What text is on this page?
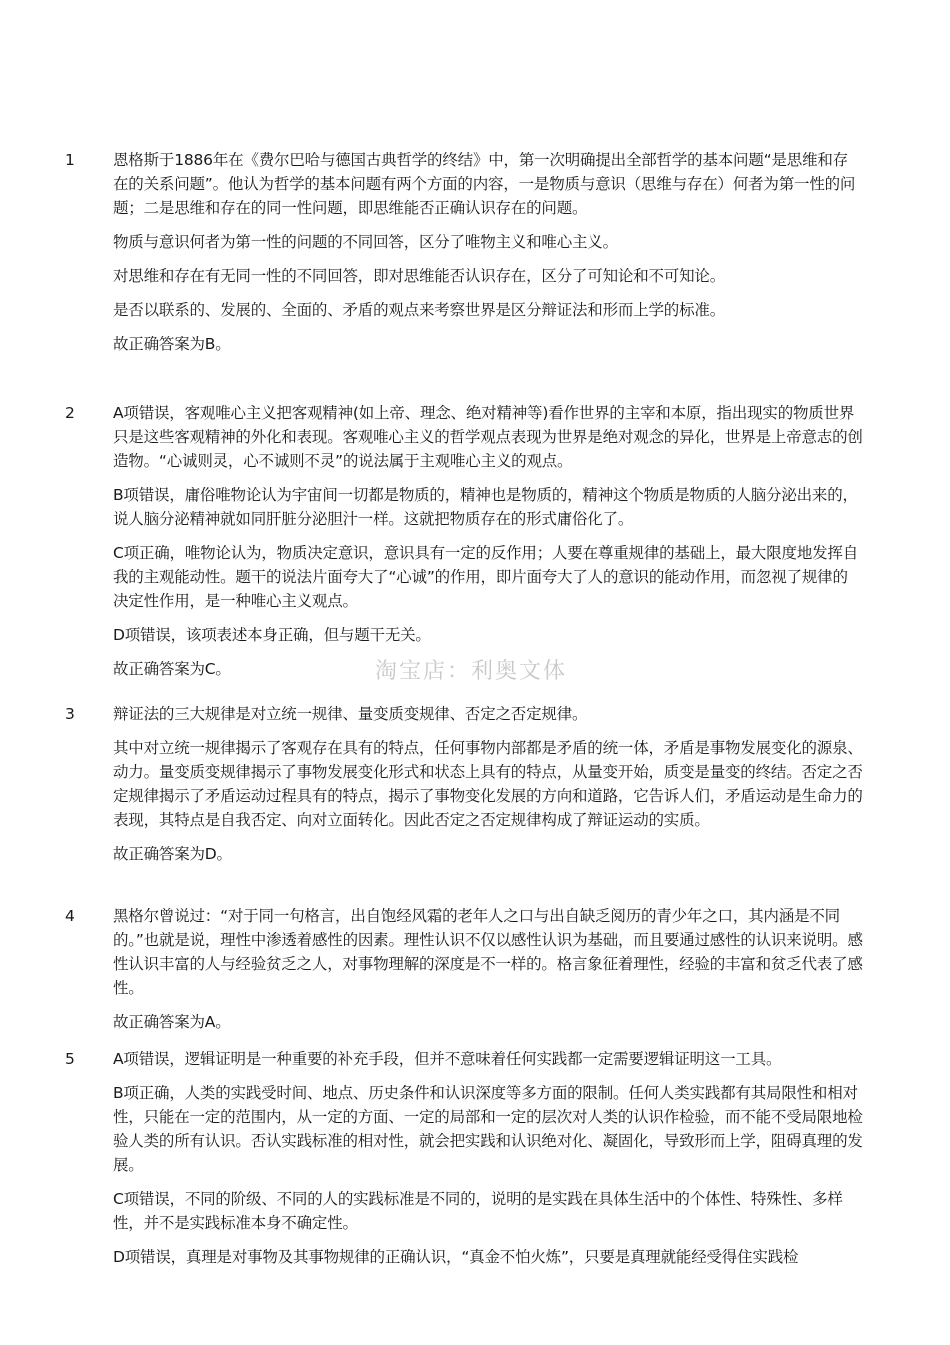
1 恩格斯于1886年在《费尔巴哈与德国古典哲学的终结》中，第一次明确提出全部哲学的基本问题“是思维和存在的关系问题”。他认为哲学的基本问题有两个方面的内容，一是物质与意识（思维与存在）何者为第一性的问题；二是思维和存在的同一性问题，即思维能否正确认识存在的问题。

物质与意识何者为第一性的问题的不同回答，区分了唯物主义和唯心主义。

对思维和存在有无同一性的不同回答，即对思维能否认识存在，区分了可知论和不可知论。

是否以联系的、发展的、全面的、矛盾的观点来考察世界是区分辩证法和形而上学的标准。

故正确答案为B。

2 A项错误，客观唯心主义把客观精神(如上帝、理念、绝对精神等)看作世界的主宰和本原，指出现实的物质世界只是这些客观精神的外化和表现。客观唯心主义的哲学观点表现为世界是绝对观念的异化，世界是上帝意志的创造物。“心诚则灵，心不诚则不灵”的说法属于主观唯心主义的观点。

B项错误，庸俗唯物论认为宇宙间一切都是物质的，精神也是物质的，精神这个物质是物质的人脑分泌出来的，说人脑分泌精神就如同肝脏分泌胆汁一样。这就把物质存在的形式庸俗化了。

C项正确，唯物论认为，物质决定意识，意识具有一定的反作用；人要在尊重规律的基础上，最大限度地发挥自我的主观能动性。题干的说法片面夸大了“心诚”的作用，即片面夸大了人的意识的能动作用，而忽视了规律的决定性作用，是一种唯心主义观点。

D项错误，该项表述本身正确，但与题干无关。

故正确答案为C。

3 辩证法的三大规律是对立统一规律、量变质变规律、否定之否定规律。

其中对立统一规律揭示了客观存在具有的特点，任何事物内部都是矛盾的统一体，矛盾是事物发展变化的源泉、动力。量变质变规律揭示了事物发展变化形式和状态上具有的特点，从量变开始，质变是量变的终结。否定之否定规律揭示了矛盾运动过程具有的特点，揭示了事物变化发展的方向和道路，它告诉人们，矛盾运动是生命力的表现，其特点是自我否定、向对立面转化。因此否定之否定规律构成了辩证运动的实质。

故正确答案为D。

4 黑格尔曾说过：“对于同一句格言，出自饱经风霜的老年人之口与出自缺乏阅历的青少年之口，其内涵是不同的。”也就是说，理性中渗透着感性的因素。理性认识不仅以感性认识为基础，而且要通过感性的认识来说明。感性认识丰富的人与经验贫乏之人，对事物理解的深度是不一样的。格言象征着理性，经验的丰富和贫乏代表了感性。

故正确答案为A。

5 A项错误，逻辑证明是一种重要的补充手段，但并不意味着任何实践都一定需要逻辑证明这一工具。

B项正确，人类的实践受时间、地点、历史条件和认识深度等多方面的限制。任何人类实践都有其局限性和相对性，只能在一定的范围内，从一定的方面、一定的局部和一定的层次对人类的认识作检验，而不能不受局限地检验人类的所有认识。否认实践标准的相对性，就会把实践和认识绝对化、凝固化，导致形而上学，阻碍真理的发展。

C项错误，不同的阶级、不同的人的实践标准是不同的，说明的是实践在具体生活中的个体性、特殊性、多样性，并不是实践标准本身不确定性。

D项错误，真理是对事物及其事物规律的正确认识，“真金不怕火炼”，只要是真理就能经受得住实践检

淘宝店：利奥文体
